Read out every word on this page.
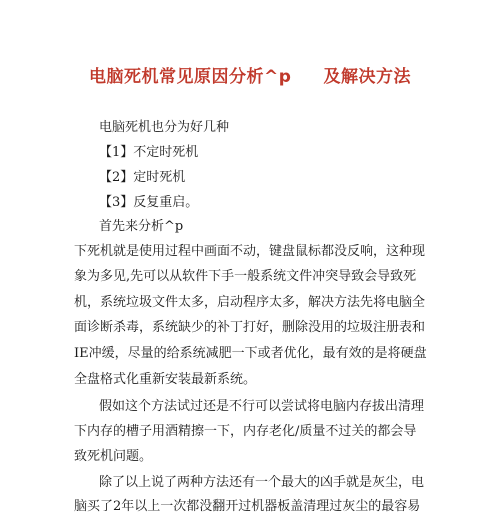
电脑死机常见原因分析^p     及解决方法
电脑死机也分为好几种
【1】不定时死机
【2】定时死机
【3】反复重启。
首先来分析^p
下死机就是使用过程中画面不动，键盘鼠标都没反响，这种现
象为多见,先可以从软件下手一般系统文件冲突导致会导致死
机，系统垃圾文件太多，启动程序太多，解决方法先将电脑全
面诊断杀毒，系统缺少的补丁打好，删除没用的垃圾注册表和
IE冲缓，尽量的给系统减肥一下或者优化，最有效的是将硬盘
全盘格式化重新安装最新系统。
假如这个方法试过还是不行可以尝试将电脑内存拔出清理
下内存的槽子用酒精擦一下，内存老化/质量不过关的都会导
致死机问题。
除了以上说了两种方法还有一个最大的凶手就是灰尘，电
脑买了2年以上一次都没翻开过机器板盖清理过灰尘的最容易
